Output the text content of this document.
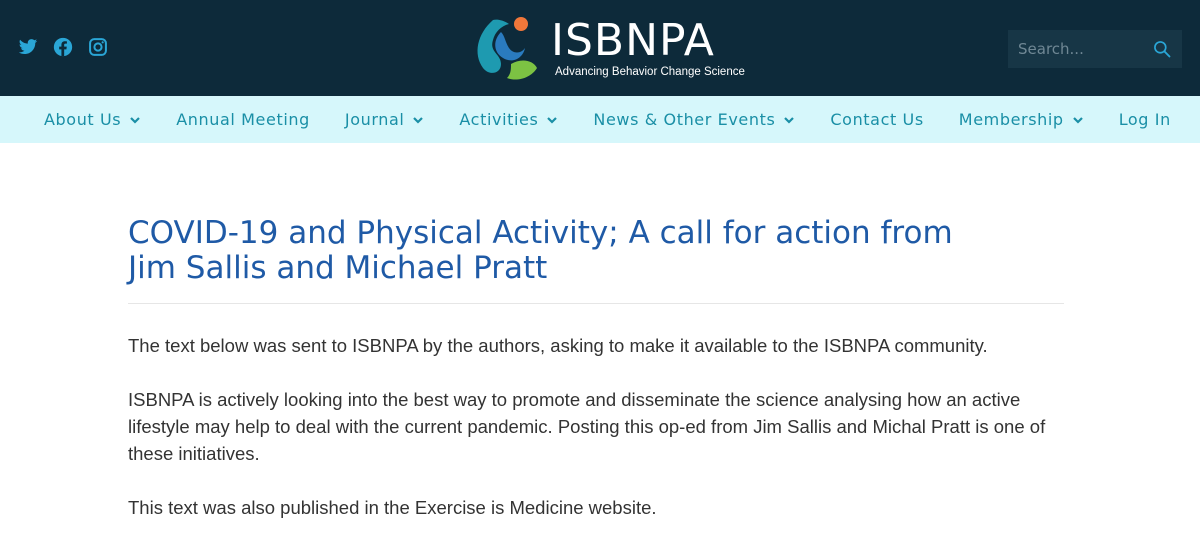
ISBNPA
Advancing Behavior Change Science
Search...
About Us	Annual Meeting Journal	Activities	News & Other Events	Contact Us Membership	Log In
COVID-19 and Physical Activity; A call for action from Jim Sallis and Michael Pratt

The text below was sent to ISBNPA by the authors, asking to make it available to the ISBNPA community.

ISBNPA is actively looking into the best way to promote and disseminate the science analysing how an active lifestyle may help to deal with the current pandemic. Posting this op-ed from Jim Sallis and Michal Pratt is one of these initiatives.

This text was also published in the Exercise is Medicine website.
